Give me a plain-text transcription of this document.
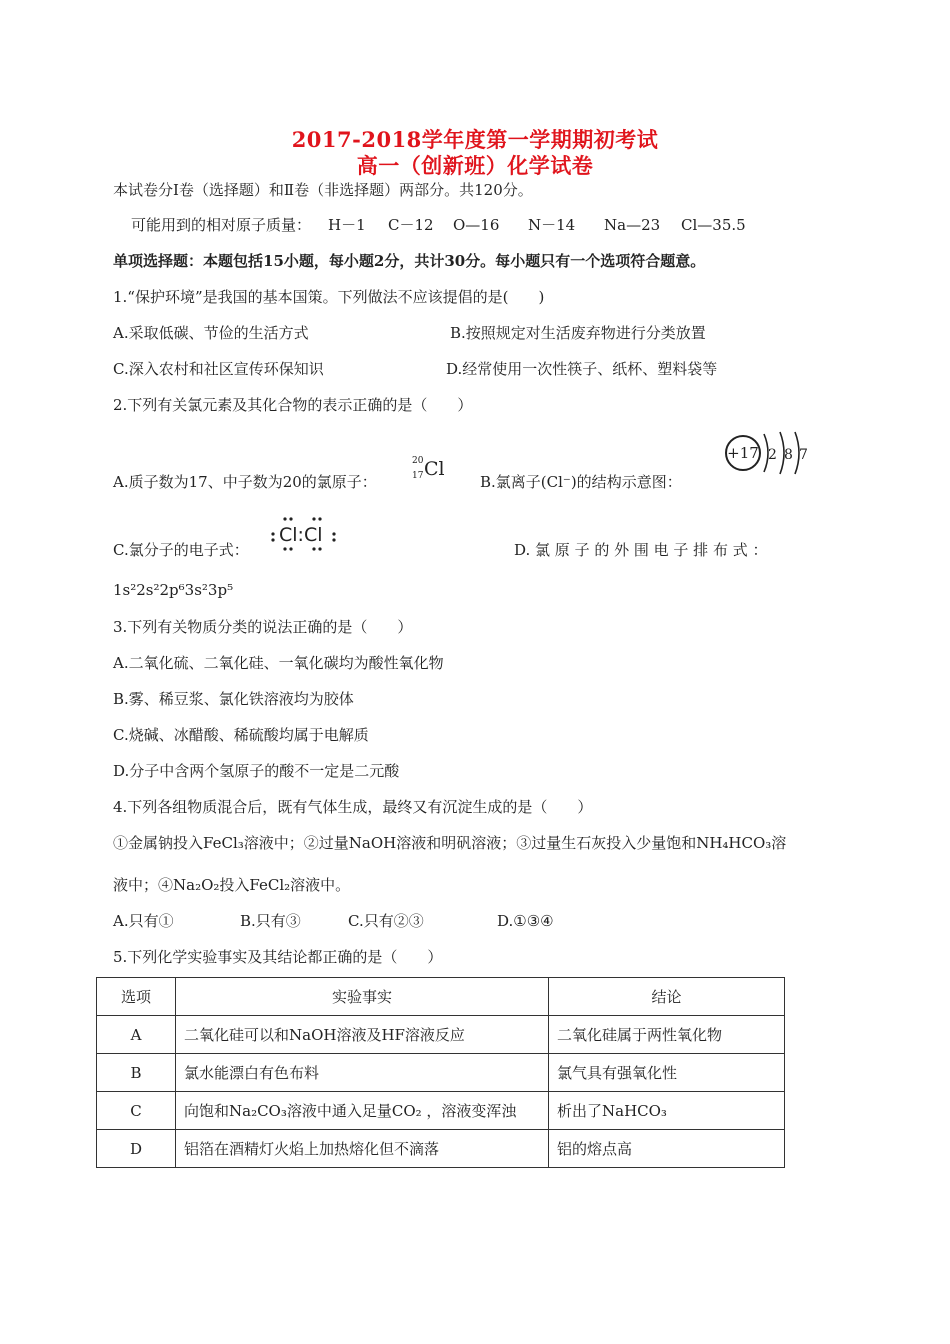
2017-2018学年度第一学期期初考试
高一（创新班）化学试卷
本试卷分Ⅰ卷（选择题）和Ⅱ卷（非选择题）两部分。共120分。
可能用到的相对原子质量： H－1 C－12 O—16 N－14 Na—23 Cl—35.5
单项选择题：本题包括15小题，每小题2分，共计30分。每小题只有一个选项符合题意。
1.“保护环境”是我国的基本国策。下列做法不应该提倡的是(　　)
A.采取低碳、节俭的生活方式	B.按照规定对生活废弃物进行分类放置
C.深入农村和社区宣传环保知识	D.经常使用一次性筷子、纸杯、塑料袋等
2.下列有关氯元素及其化合物的表示正确的是（　　）
A.质子数为17、中子数为20的氯原子：
20
17 Cl
B.氯离子(Cl⁻)的结构示意图：
+17 2 8 7
C.氯分子的电子式：
Cl:Cl
D. 氯 原 子 的 外 围 电 子 排 布 式 ：
1s²2s²2p⁶3s²3p⁵
3.下列有关物质分类的说法正确的是（　　）
A.二氧化硫、二氧化硅、一氧化碳均为酸性氧化物
B.雾、稀豆浆、氯化铁溶液均为胶体
C.烧碱、冰醋酸、稀硫酸均属于电解质
D.分子中含两个氢原子的酸不一定是二元酸
4.下列各组物质混合后，既有气体生成，最终又有沉淀生成的是（　　）
①金属钠投入FeCl₃溶液中；②过量NaOH溶液和明矾溶液；③过量生石灰投入少量饱和NH₄HCO₃溶
液中；④Na₂O₂投入FeCl₂溶液中。
A.只有①	B.只有③	C.只有②③	D.①③④
5.下列化学实验事实及其结论都正确的是（　　）
选项	实验事实	结论
A	二氧化硅可以和NaOH溶液及HF溶液反应	二氧化硅属于两性氧化物
B	氯水能漂白有色布料	氯气具有强氧化性
C	向饱和Na₂CO₃溶液中通入足量CO₂ ，溶液变浑浊	析出了NaHCO₃
D	铝箔在酒精灯火焰上加热熔化但不滴落	铝的熔点高
